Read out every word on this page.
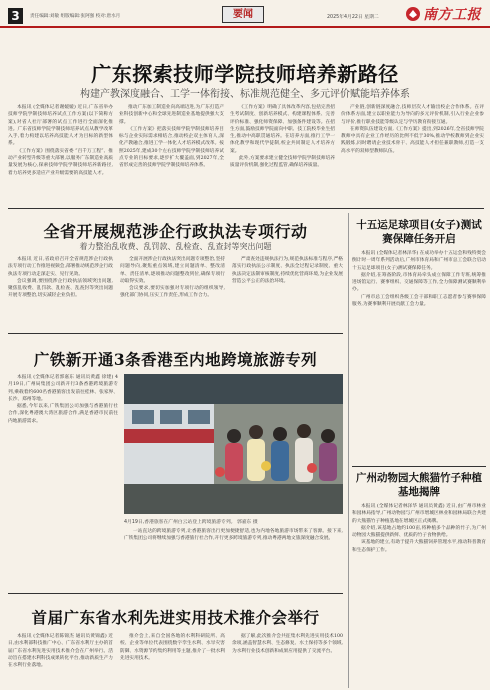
3	责任编辑:刘敏 组版编辑:张阿强 校对:唐水月	要闻	2025年4月22日 星期二	南方工报
广东探索技师学院技师培养新路径
构建产教深度融合、工学一体衔接、标准规范健全、多元评价赋能培养体系

本报讯 (全媒体记者谢媛媛) 近日,广东省举办技师学院学制技师培养试点工作方案(以下简称方案),对省人社厅部署的试点工作进行全面深化推进。广东省技师学院学制技师培养试点从教学改革入手,着力构建以培养高技能人才为目标的新型体系。

《工作方案》围绕落实省委 “百千万工程”、推动产业转型升级等重大部署,以服务广东制造业高质量发展为核心,探索技师学院学制技师培养新路径,着力培养更多适应产业升级需要的高技能人才。

推动广东加工制造业向高端迈进,为广东打造产业科技创新中心和全球先进制造业基地提供强大支撑。

《工作方案》把落实技师学院学制技师培养目标与企业实际需求相结合,推动校企双主体育人,深化产教融合,推进工学一体化人才培养模式改革。按照2025年,建成30个左右技师学院学制技师培养试点专业的目标要求,逐步扩大覆盖面,到2027年,全省形成完善的技师学院学制技师培养体系。

《工作方案》明确了具体改革内容,包括完善招生考试制度、创新培养模式、构建课程体系、完善评价标准、强化师资保障、加强条件建设等。在招生方面,鼓励技师学院面向中职、技工院校毕业生招生,推动中高职贯通培养。在培养方面,推行工学一体化教学和现代学徒制,校企共同制定人才培养方案。

此外,方案要求建立健全技师学院学制技师培养质量评价机制,强化过程监管,确保培养质量。

产业链,创新链深度融合,技师层次人才输出校企合作体系。在评价体系方面,建立以职业能力为导向的多元评价机制,引入行业企业参与评价,推行职业技能等级认定与学历教育衔接互通。

在师资队伍建设方面,《工作方案》提出,到2026年,全省技师学院教师中具有企业工作经历的比例不低于30%,推动学校教师到企业实践锻炼,同时聘请企业技术骨干、高技能人才担任兼职教师,打造一支高水平的双师型教师队伍。

全省开展规范涉企行政执法专项行动
着力整治乱收费、乱罚款、乱检查、乱查封等突出问题

本报讯 近日,省政府召开全省规范涉企行政执法专项行动工作推进视频会,部署推动规范涉企行政执法专项行动走深走实、见行见效。

会议强调,要围绕涉企行政执法领域突出问题,聚焦乱收费、乱罚款、乱检查、乱查封等突出问题开展专项整治,切实减轻企业负担。

全面开展涉企行政执法突出问题专项整治,坚持问题导向,聚焦重点领域,建立问题清单、整改清单、责任清单,逐项推动问题整改到位,确保专项行动取得实效。

会议要求,要切实加强对专项行动的组织领导,强化部门协同,压实工作责任,形成工作合力。

严肃查处违规执法行为,规范执法标准与程序,严格落实行政执法公示制度、执法全过程记录制度、重大执法决定法制审核制度,持续优化营商环境,为企业发展营造公平公正的法治环境。

广铁新开通3条香港至内地跨境旅游专列

本报讯 (全媒体记者郭嘉东 通讯员黄鑫 徐建) 4月19日,广州局集团公司新开行3条香港跨境旅游专列,乘载着约600名香港旅客出发前往桂林、张家界、长沙、郑州等地。

据悉,今年以来,广铁集团公司加强与香港旅行社合作,深化粤港澳大湾区旅游合作,满足香港市民前往内地旅游需求。

4月19日,香港旅客在广州白云站登上跨境旅游专列。 郭嘉东 摄

一站直达的跨境旅游专列,让香港旅客出行更加便捷舒适,也为内地各地旅游市场带来了客源。接下来,广铁集团公司将继续加强与香港旅行社合作,开行更多跨境旅游专列,推动粤港两地文旅深度融合发展。

首届广东省水利先进实用技术推介会举行

本报讯 (全媒体记者陈锦杰 通讯员黄锦鑫) 近日,由水利部科技推广中心、广东省水利厅主办的首届广东省水利先进实用技术推介会在广州举行。活动旨在搭建水利科技成果转化平台,推动新质生产力在水利行业落地。

推介会上,来自全国各地的水利科研院所、高校、企业等单位代表围绕数字孪生水利、水旱灾害防御、水资源节约集约利用等主题,推介了一批水利先进实用技术。

据了解,此次推介会共征集水利先进实用技术100余项,涵盖智慧水利、生态修复、水土保持等多个领域,为水利行业技术创新和成果应用提供了交流平台。

十五运足球项目(女子)测试赛保障任务开启

本报讯 (全媒体记者林泽华) 在成功举办十五运会和残特奥会倒计时一周年系列活动后,广州市体育局和广州市总工会联合启动十五运足球项目(女子)测试赛保障任务。

据介绍,在筹备阶段,市体育局牵头成立保障工作专班,统筹推进场馆运行、赛事组织、交通保障等工作,全力保障测试赛顺利举办。

广州市总工会组织各级工会干部和职工志愿者参与赛事保障服务,为赛事顺利开展贡献工会力量。

广州动物园大熊猫竹子种植基地揭牌

本报讯 (全媒体记者林泽华 通讯员黄鑫) 近日,由广州市林业和园林局指导,广州动物园与广州市增城区林业和园林局联合共建的大熊猫竹子种植基地在增城区正式揭牌。

据介绍,该基地占地约100亩,将种植多个品种的竹子,为广州动物园大熊猫提供新鲜、优质的竹子食物供给。

该基地的建立,有助于提升大熊猫饲养管理水平,推动科普教育和生态保护工作。
